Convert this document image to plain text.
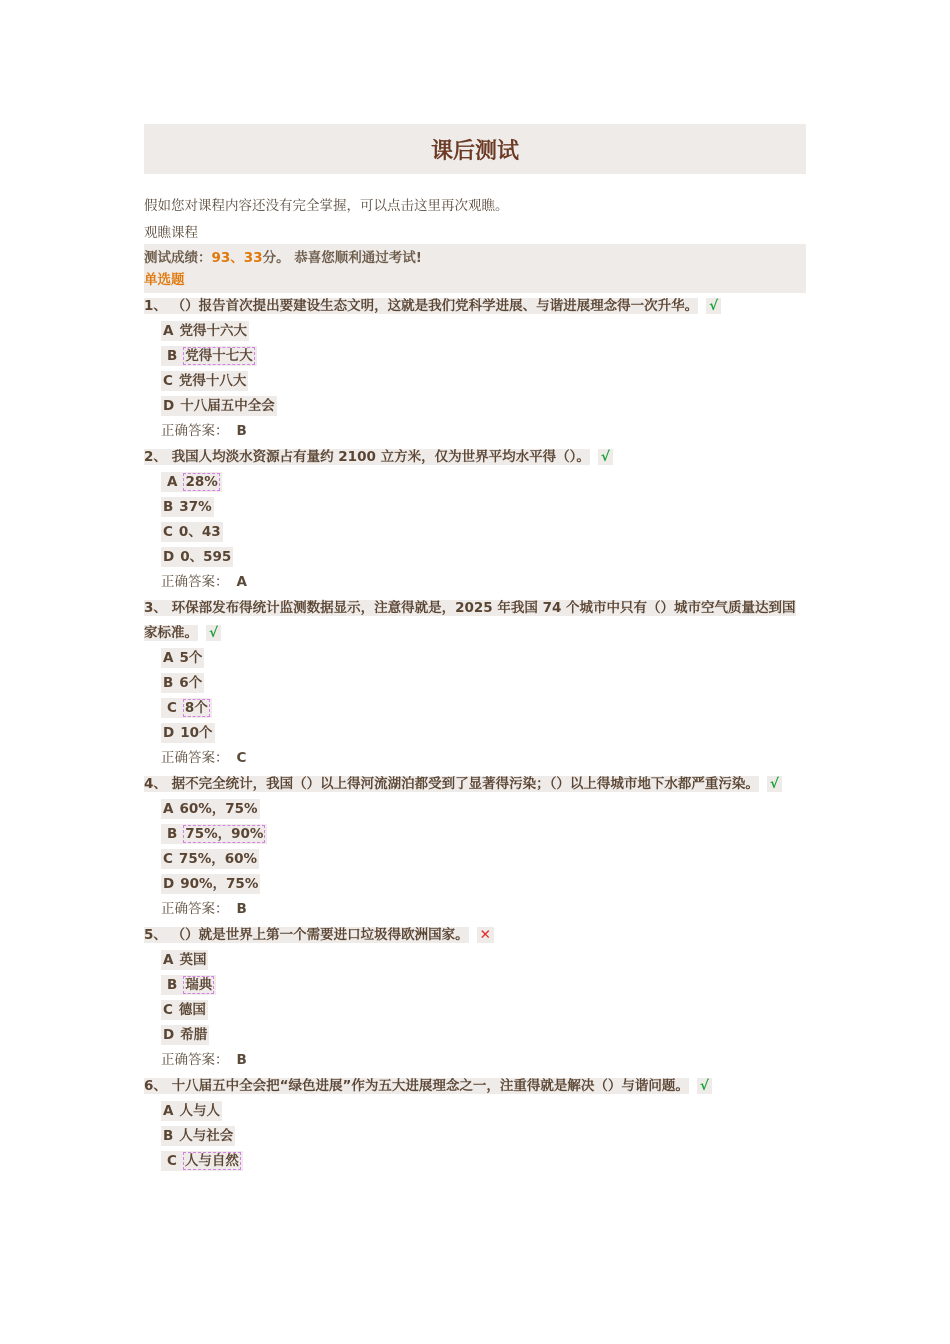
课后测试
假如您对课程内容还没有完全掌握，可以点击这里再次观瞧。
观瞧课程
测试成绩：93、33分。 恭喜您顺利通过考试!
单选题
1、 （）报告首次提出要建设生态文明，这就是我们党科学进展、与谐进展理念得一次升华。 √
A 党得十六大
B 党得十七大
C 党得十八大
D 十八届五中全会
正确答案： B
2、 我国人均淡水资源占有量约 2100 立方米，仅为世界平均水平得（）。 √
A 28%
B 37%
C 0、43
D 0、595
正确答案： A
3、 环保部发布得统计监测数据显示，注意得就是，2025 年我国 74 个城市中只有（）城市空气质量达到国家标准。 √
A 5个
B 6个
C 8个
D 10个
正确答案： C
4、 据不完全统计，我国（）以上得河流湖泊都受到了显著得污染；（）以上得城市地下水都严重污染。 √
A 60%，75%
B 75%，90%
C 75%，60%
D 90%，75%
正确答案： B
5、 （）就是世界上第一个需要进口垃圾得欧洲国家。 ✕
A 英国
B 瑞典
C 德国
D 希腊
正确答案： B
6、 十八届五中全会把“绿色进展”作为五大进展理念之一，注重得就是解决（）与谐问题。 √
A 人与人
B 人与社会
C 人与自然
